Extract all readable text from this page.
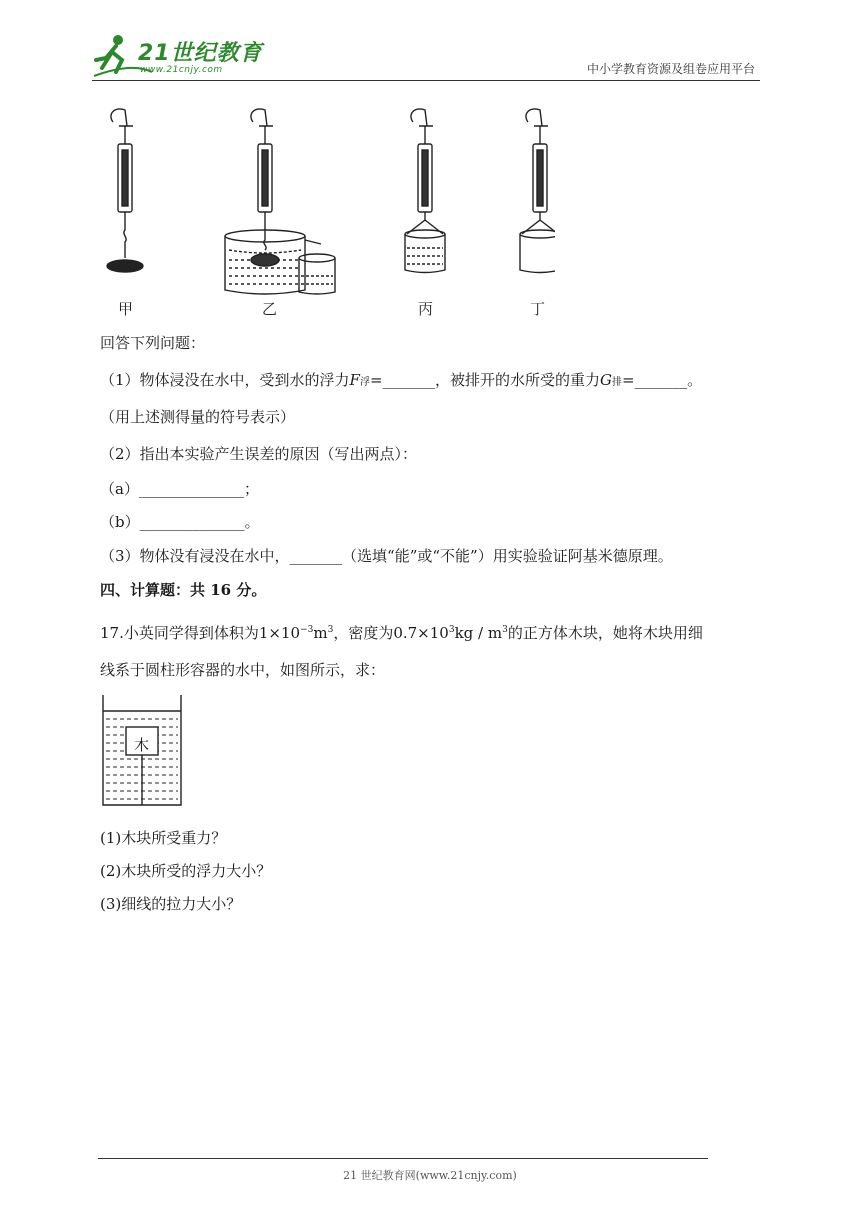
21世纪教育
www.21cnjy.com	中小学教育资源及组卷应用平台
甲	乙	丙	丁
回答下列问题：
（1）物体浸没在水中，受到水的浮力F浮=_______，被排开的水所受的重力G排=_______。
（用上述测得量的符号表示）
（2）指出本实验产生误差的原因（写出两点）：
（a）______________；
（b）______________。
（3）物体没有浸没在水中，_______（选填“能”或“不能”）用实验验证阿基米德原理。
四、计算题：共 16 分。
17.小英同学得到体积为$1\times 10^{-3}m^3$，密度为$0.7\times 10^3kg / m^3$的正方体木块，她将木块用细
线系于圆柱形容器的水中，如图所示，求：
木
(1)木块所受重力？
(2)木块所受的浮力大小？
(3)细线的拉力大小？
21 世纪教育网(www.21cnjy.com)
